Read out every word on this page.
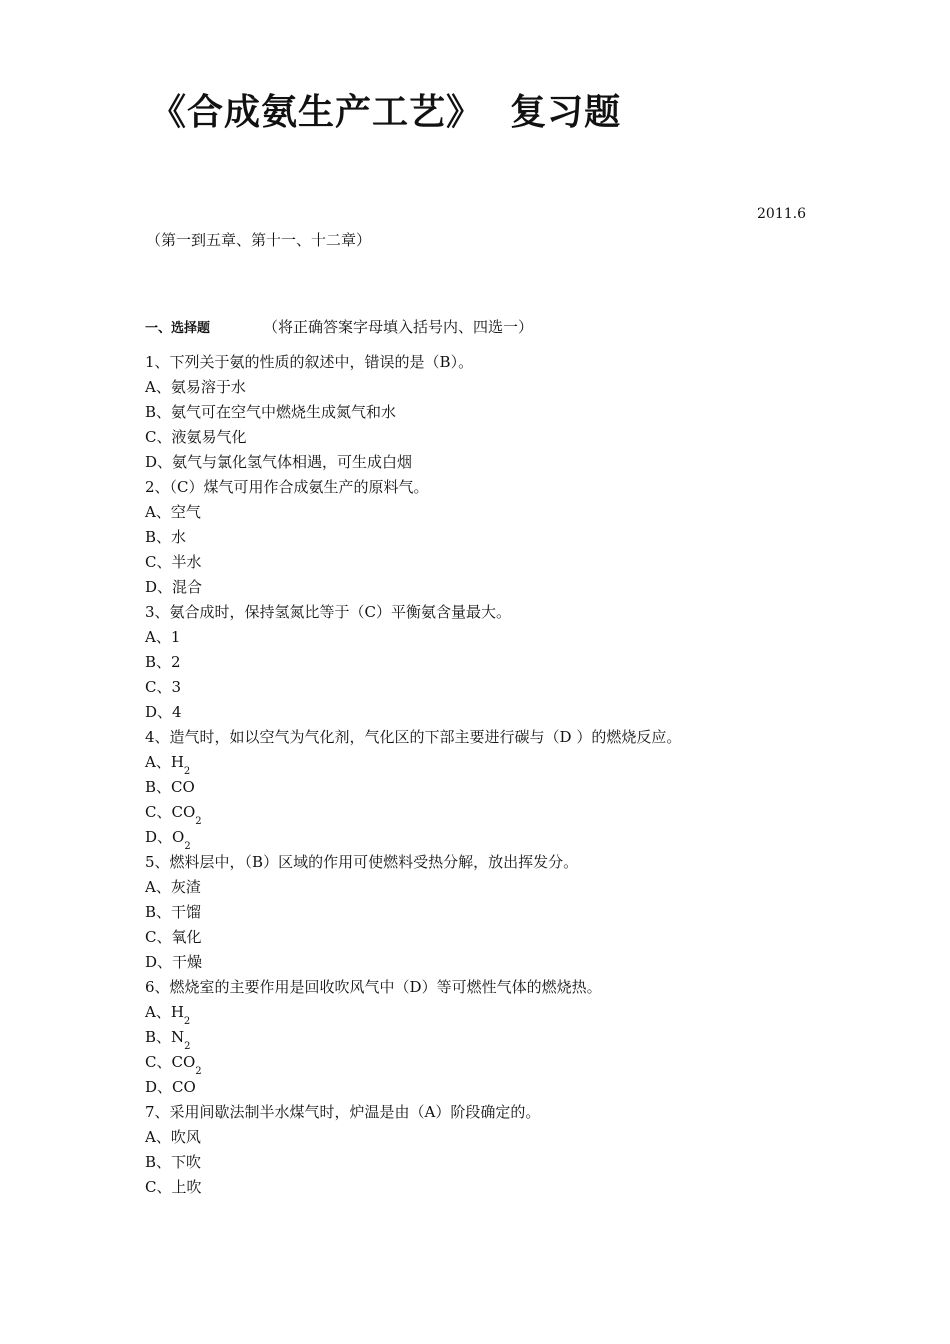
《合成氨生产工艺》  复习题
2011.6
（第一到五章、第十一、十二章）
一、选择题	（将正确答案字母填入括号内、四选一）
1、下列关于氨的性质的叙述中，错误的是（B）。
A、氨易溶于水
B、氨气可在空气中燃烧生成氮气和水
C、液氨易气化
D、氨气与氯化氢气体相遇，可生成白烟
2、（C）煤气可用作合成氨生产的原料气。
A、空气
B、水
C、半水
D、混合
3、氨合成时，保持氢氮比等于（C）平衡氨含量最大。
A、1
B、2
C、3
D、4
4、造气时，如以空气为气化剂，气化区的下部主要进行碳与（D ）的燃烧反应。
A、$H_2$
B、CO
C、$CO_2$
D、$O_2$
5、燃料层中，（B）区域的作用可使燃料受热分解，放出挥发分。
A、灰渣
B、干馏
C、氧化
D、干燥
6、燃烧室的主要作用是回收吹风气中（D）等可燃性气体的燃烧热。
A、$H_2$
B、$N_2$
C、$CO_2$
D、CO
7、采用间歇法制半水煤气时，炉温是由（A）阶段确定的。
A、吹风
B、下吹
C、上吹
